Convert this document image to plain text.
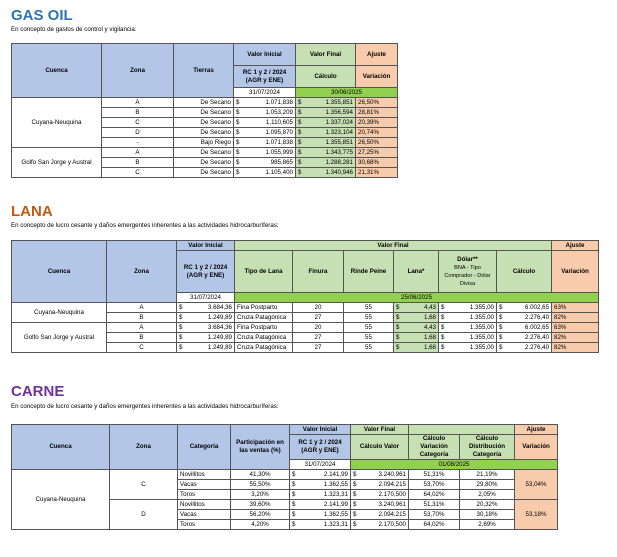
GAS OIL
En concepto de gastos de control y vigilancia:
Cuenca	Zona	Tierras	Valor Inicial	Valor Final	Ajuste
			RC 1 y 2 / 2024 (AGR y ENE)	Cálculo	Variación
			31/07/2024	30/06/2025	
Cuyana-Neuquina	A	De Secano	$ 1.071,838	$ 1.355,851	26,50%
	B	De Secano	$ 1.053,209	$ 1.356,594	28,81%
	C	De Secano	$ 1.110,605	$ 1.337,024	20,39%
	D	De Secano	$ 1.095,870	$ 1.323,104	20,74%
	-	Bajo Riego	$ 1.071,838	$ 1.355,851	26,50%
Golfo San Jorge y Austral	A	De Secano	$ 1.055,999	$ 1.343,775	27,25%
	B	De Secano	$ 985,865	$ 1.288,281	30,68%
	C	De Secano	$ 1.105,400	$ 1.340,946	21,31%
LANA
En concepto de lucro cesante y daños emergentes inherentes a las actividades hidrocarburíferas:
Cuenca	Zona	Valor Inicial	Valor Final						Ajuste
		RC 1 y 2 / 2024 (AGR y ENE)	Tipo de Lana	Finura	Rinde Peine	Lana*	Dólar**
BNA - Tipo Comprador - Dólar Divisa	Cálculo	Variación
		31/07/2024	25/06/2025						
Cuyana-Neuquina	A	$ 3.684,36	Fina Postparto	20	55	$ 4,43	$ 1.355,00	$ 6.002,65	63%
	B	$ 1.249,89	Cruza Patagónica	27	55	$ 1,68	$ 1.355,00	$ 2.276,40	82%
Golfo San Jorge y Austral	A	$ 3.684,36	Fina Postparto	20	55	$ 4,43	$ 1.355,00	$ 6.002,65	63%
	B	$ 1.249,89	Cruza Patagónica	27	55	$ 1,68	$ 1.355,00	$ 2.276,40	82%
	C	$ 1.249,89	Cruza Patagónica	27	55	$ 1,68	$ 1.355,00	$ 2.276,40	82%
CARNE
En concepto de lucro cesante y daños emergentes inherentes a las actividades hidrocarburíferas:
Cuenca	Zona	Categoría	Participación en las ventas (%)	Valor Inicial	Valor Final			Ajuste
				RC 1 y 2 / 2024 (AGR y ENE)	Cálculo Valor	Cálculo Variación Categoría	Cálculo Distribución Categoría	Variación
				31/07/2024	01/08/2025			
Cuyana-Neuquina	C	Novillitos	41,30%	$ 2.141,99	$ 3.240,961	51,31%	21,19%	53,04%
		Vacas	55,50%	$ 1.362,55	$ 2.094,215	53,70%	29,80%	
		Toros	3,20%	$ 1.323,31	$ 2.170,500	64,02%	2,05%	
	D	Novillitos	39,60%	$ 2.141,99	$ 3.240,961	51,31%	20,32%	53,18%
		Vacas	56,20%	$ 1.362,55	$ 2.094,215	53,70%	30,18%	
		Toros	4,20%	$ 1.323,31	$ 2.170,500	64,02%	2,69%	
